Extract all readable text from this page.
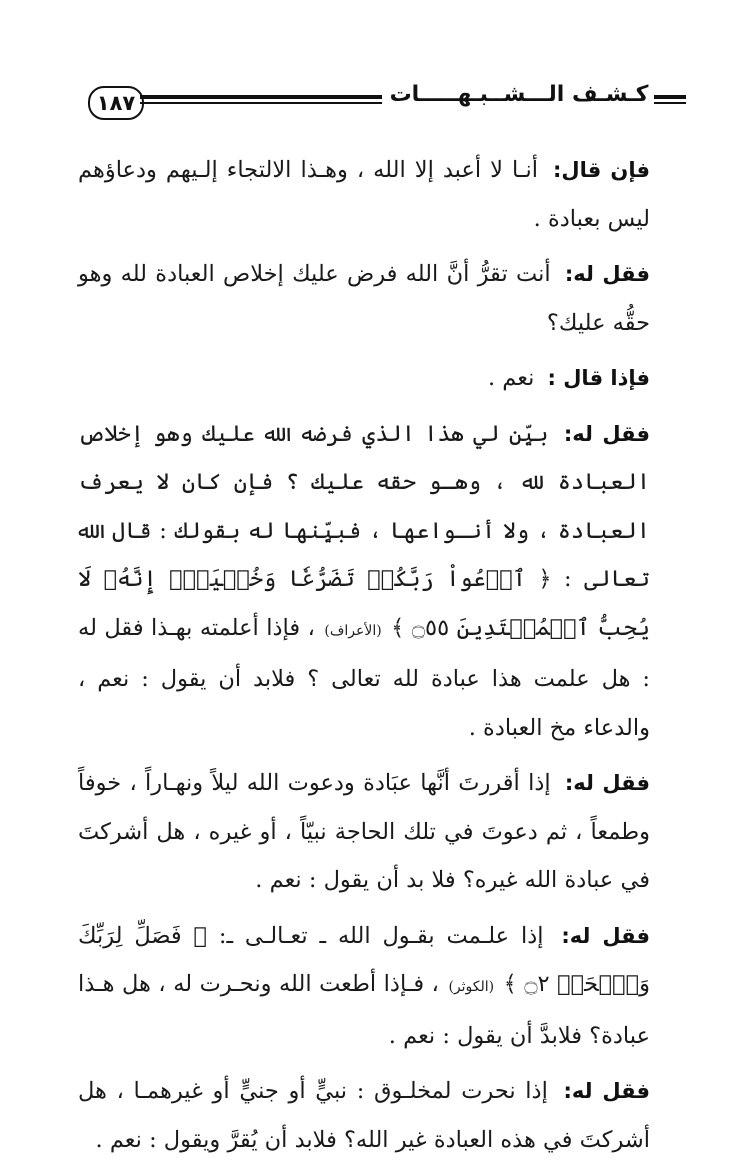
١٨٧	كـشـف الـــشــبـهـــــات

فإن قال: أنـا لا أعبد إلا الله ، وهـذا الالتجاء إلـيهم ودعاؤهم ليس بعبادة .

فقل له: أنت تقرُّ أنَّ الله فرض عليك إخلاص العبادة لله وهو حقُّه عليك؟

فإذا قال : نعم .

فقل له: بيِّن لي هذا الذي فرضه الله عليك وهو إخلاص العبادة لله ، وهـو حقه عليك ؟ فإن كان لا يعرف العبادة ، ولا أنـواعها ، فبيِّنها له بقولك : قال الله تعالى : ﴿ ٱدۡعُواْ رَبَّكُمۡ تَضَرُّعٗا وَخُفۡيَةًۚ إِنَّهُۥ لَا يُحِبُّ ٱلۡمُعۡتَدِينَ ۝٥٥ ﴾ (الأعراف) ، فإذا أعلمته بهـذا فقل له : هل علمت هذا عبادة لله تعالى ؟ فلابد أن يقول : نعم ، والدعاء مخ العبادة .

فقل له: إذا أقررتَ أنَّها عبَادة ودعوت الله ليلاً ونهـاراً ، خوفاً وطمعاً ، ثم دعوتَ في تلك الحاجة نبيّاً ، أو غيره ، هل أشركتَ في عبادة الله غيره؟ فلا بد أن يقول : نعم .

فقل له: إذا علـمت بقـول الله ـ تعـالـى ـ: ﴿ فَصَلِّ لِرَبِّكَ وَٱنۡحَرۡ ۝٢ ﴾ (الكوثر) ، فـإذا أطعت الله ونحـرت له ، هل هـذا عبادة؟ فلابدَّ أن يقول : نعم .

فقل له: إذا نحرت لمخلـوق : نبيٍّ أو جنيٍّ أو غيرهمـا ، هل أشركتَ في هذه العبادة غير الله؟ فلابد أن يُقرَّ ويقول : نعم .
